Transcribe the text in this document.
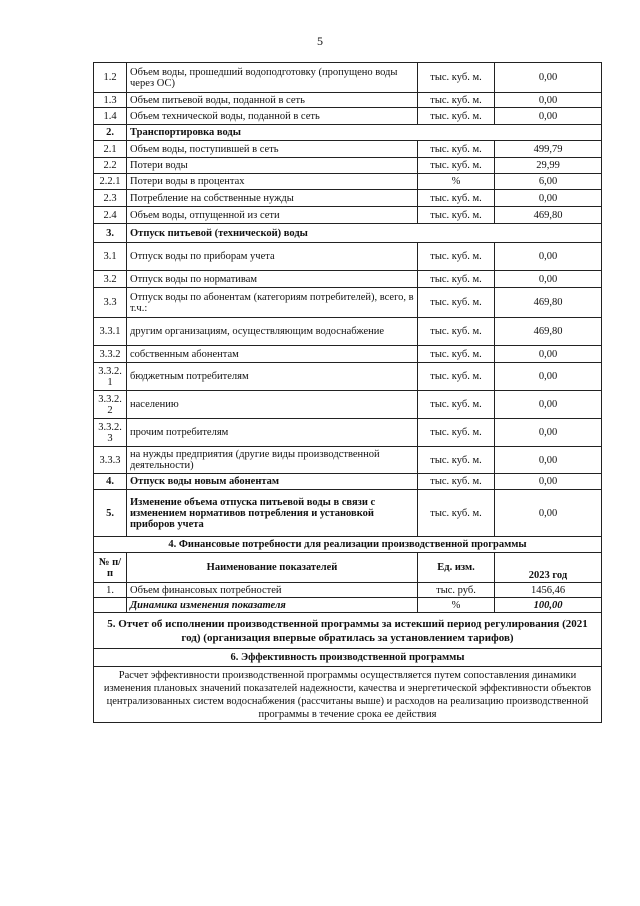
5
1.2	Объем воды, прошедший водоподготовку (пропущено воды через ОС)	тыс. куб. м.	0,00
1.3	Объем питьевой воды, поданной в сеть	тыс. куб. м.	0,00
1.4	Объем технической воды, поданной в сеть	тыс. куб. м.	0,00
2.	Транспортировка воды		
2.1	Объем воды, поступившей в сеть	тыс. куб. м.	499,79
2.2	Потери воды	тыс. куб. м.	29,99
2.2.1	Потери воды в процентах	%	6,00
2.3	Потребление на собственные нужды	тыс. куб. м.	0,00
2.4	Объем воды, отпущенной из сети	тыс. куб. м.	469,80
3.	Отпуск питьевой (технической) воды		
3.1	Отпуск воды по приборам учета	тыс. куб. м.	0,00
3.2	Отпуск воды по нормативам	тыс. куб. м.	0,00
3.3	Отпуск воды по абонентам (категориям потребителей), всего, в т.ч.:	тыс. куб. м.	469,80
3.3.1	другим организациям, осуществляющим водоснабжение	тыс. куб. м.	469,80
3.3.2	собственным абонентам	тыс. куб. м.	0,00
3.3.2.1	бюджетным потребителям	тыс. куб. м.	0,00
3.3.2.2	населению	тыс. куб. м.	0,00
3.3.2.3	прочим потребителям	тыс. куб. м.	0,00
3.3.3	на нужды предприятия (другие виды производственной деятельности)	тыс. куб. м.	0,00
4.	Отпуск воды новым абонентам	тыс. куб. м.	0,00
5.	Изменение объема отпуска питьевой воды в связи с изменением нормативов потребления и установкой приборов учета	тыс. куб. м.	0,00
4. Финансовые потребности для реализации производственной программы			
№ п/п	Наименование показателей	Ед. изм.	2023 год
1.	Объем финансовых потребностей	тыс. руб.	1456,46
	Динамика изменения показателя	%	100,00
5. Отчет об исполнении производственной программы за истекший период регулирования (2021 год) (организация впервые обратилась за установлением тарифов)			
6. Эффективность производственной программы			
Расчет эффективности производственной программы осуществляется путем сопоставления динамики изменения плановых значений показателей надежности, качества и энергетической эффективности объектов централизованных систем водоснабжения (рассчитаны выше) и расходов на реализацию производственной программы в течение срока ее действия			
